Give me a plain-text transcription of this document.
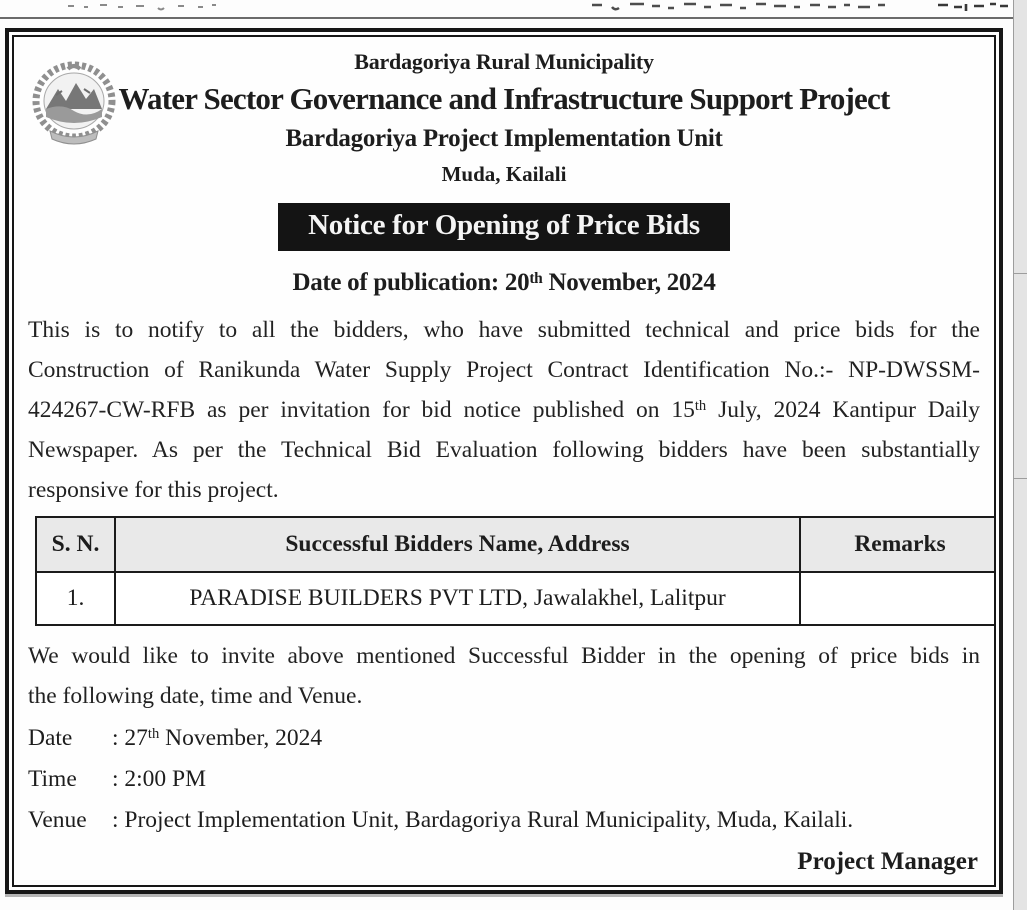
Bardagoriya Rural Municipality
Water Sector Governance and Infrastructure Support Project
Bardagoriya Project Implementation Unit
Muda, Kailali
Notice for Opening of Price Bids
Date of publication: 20th November, 2024
This is to notify to all the bidders, who have submitted technical and price bids for the
Construction of Ranikunda Water Supply Project Contract Identification No.:- NP-DWSSM-
424267-CW-RFB as per invitation for bid notice published on 15th July, 2024 Kantipur Daily
Newspaper. As per the Technical Bid Evaluation following bidders have been substantially
responsive for this project.
S. N.	Successful Bidders Name, Address	Remarks
1.	PARADISE BUILDERS PVT LTD, Jawalakhel, Lalitpur	
We would like to invite above mentioned Successful Bidder in the opening of price bids in
the following date, time and Venue.
Date : 27th November, 2024
Time : 2:00 PM
Venue : Project Implementation Unit, Bardagoriya Rural Municipality, Muda, Kailali.
Project Manager
